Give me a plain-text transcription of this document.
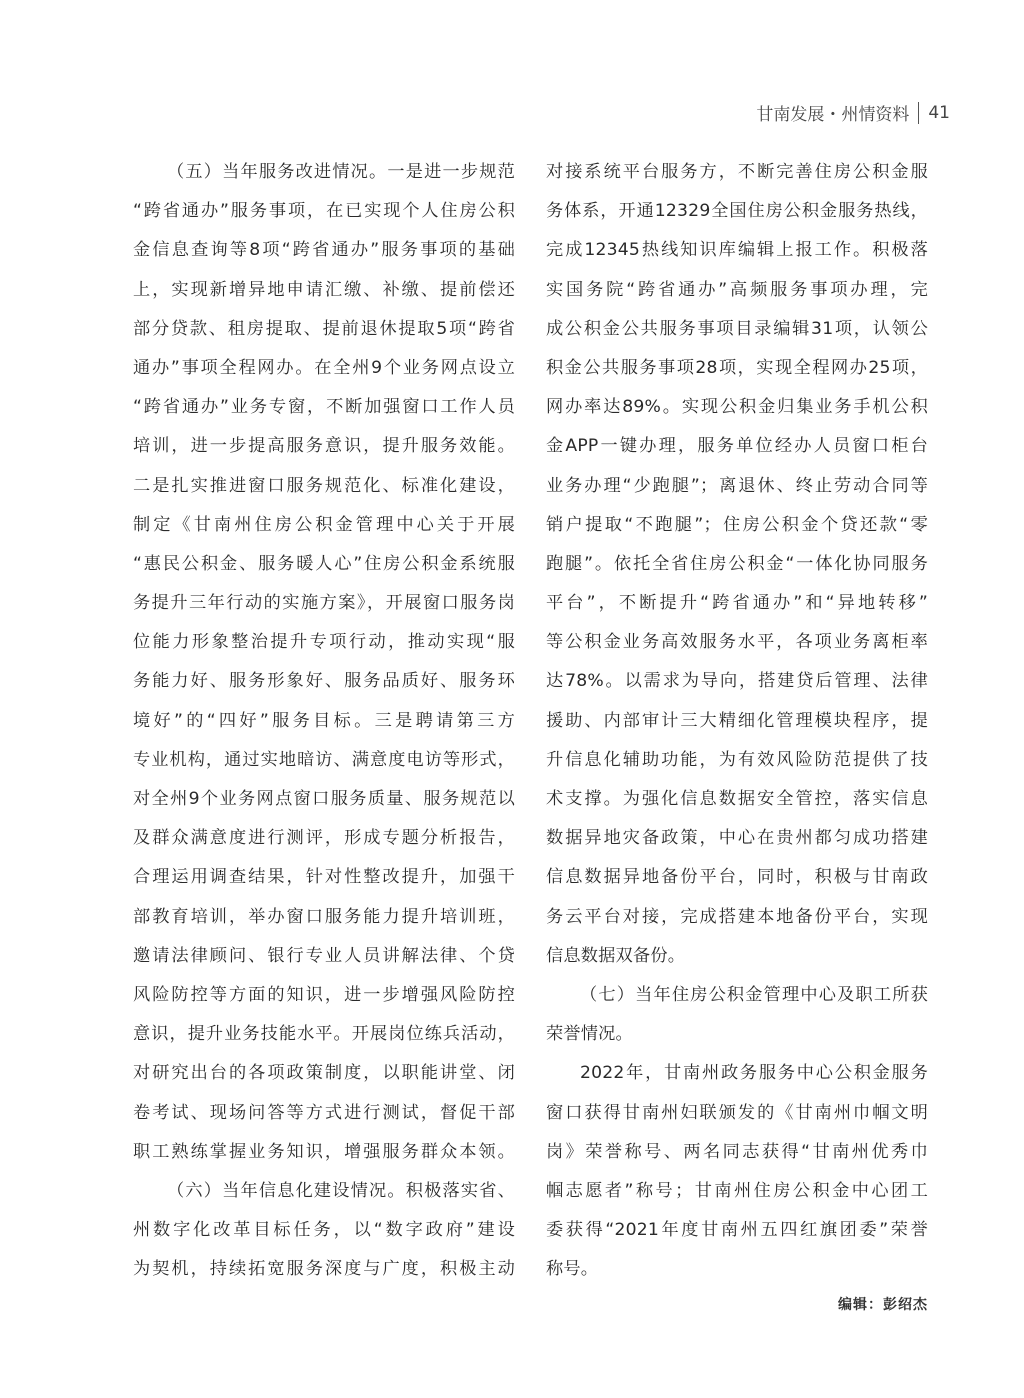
甘南发展・州情资料 41
（五）当年服务改进情况。一是进一步规范
“跨省通办”服务事项，在已实现个人住房公积
金信息查询等8项“跨省通办”服务事项的基础
上，实现新增异地申请汇缴、补缴、提前偿还
部分贷款、租房提取、提前退休提取5项“跨省
通办”事项全程网办。在全州9个业务网点设立
“跨省通办”业务专窗，不断加强窗口工作人员
培训，进一步提高服务意识，提升服务效能。
二是扎实推进窗口服务规范化、标准化建设，
制定《甘南州住房公积金管理中心关于开展
“惠民公积金、服务暖人心”住房公积金系统服
务提升三年行动的实施方案》，开展窗口服务岗
位能力形象整治提升专项行动，推动实现“服
务能力好、服务形象好、服务品质好、服务环
境好”的“四好”服务目标。三是聘请第三方
专业机构，通过实地暗访、满意度电访等形式，
对全州9个业务网点窗口服务质量、服务规范以
及群众满意度进行测评，形成专题分析报告，
合理运用调查结果，针对性整改提升，加强干
部教育培训，举办窗口服务能力提升培训班，
邀请法律顾问、银行专业人员讲解法律、个贷
风险防控等方面的知识，进一步增强风险防控
意识，提升业务技能水平。开展岗位练兵活动，
对研究出台的各项政策制度，以职能讲堂、闭
卷考试、现场问答等方式进行测试，督促干部
职工熟练掌握业务知识，增强服务群众本领。
（六）当年信息化建设情况。积极落实省、
州数字化改革目标任务，以“数字政府”建设
为契机，持续拓宽服务深度与广度，积极主动
对接系统平台服务方，不断完善住房公积金服
务体系，开通12329全国住房公积金服务热线，
完成12345热线知识库编辑上报工作。积极落
实国务院“跨省通办”高频服务事项办理，完
成公积金公共服务事项目录编辑31项，认领公
积金公共服务事项28项，实现全程网办25项，
网办率达89%。实现公积金归集业务手机公积
金APP一键办理，服务单位经办人员窗口柜台
业务办理“少跑腿”；离退休、终止劳动合同等
销户提取“不跑腿”；住房公积金个贷还款“零
跑腿”。依托全省住房公积金“一体化协同服务
平台”，不断提升“跨省通办”和“异地转移”
等公积金业务高效服务水平，各项业务离柜率
达78%。以需求为导向，搭建贷后管理、法律
援助、内部审计三大精细化管理模块程序，提
升信息化辅助功能，为有效风险防范提供了技
术支撑。为强化信息数据安全管控，落实信息
数据异地灾备政策，中心在贵州都匀成功搭建
信息数据异地备份平台，同时，积极与甘南政
务云平台对接，完成搭建本地备份平台，实现
信息数据双备份。
（七）当年住房公积金管理中心及职工所获
荣誉情况。
2022年，甘南州政务服务中心公积金服务
窗口获得甘南州妇联颁发的《甘南州巾帼文明
岗》荣誉称号、两名同志获得“甘南州优秀巾
帼志愿者”称号；甘南州住房公积金中心团工
委获得“2021年度甘南州五四红旗团委”荣誉
称号。
编辑：彭绍杰
